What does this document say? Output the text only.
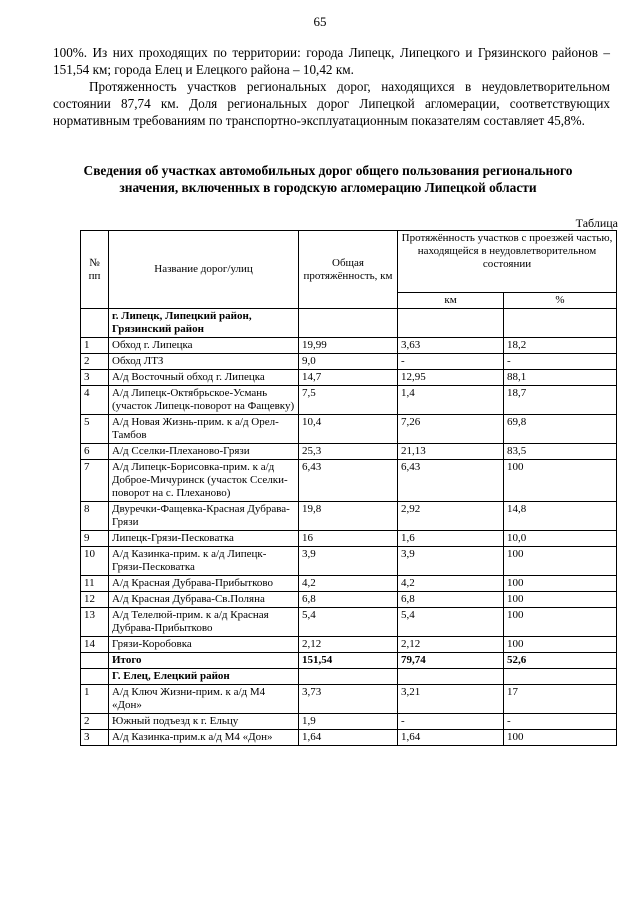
65

100%. Из них проходящих по территории: города Липецк, Липецкого и Грязинского районов – 151,54 км; города Елец и Елецкого района – 10,42 км.

Протяженность участков региональных дорог, находящихся в неудовлетворительном состоянии 87,74 км. Доля региональных дорог Липецкой агломерации, соответствующих нормативным требованиям по транспортно-эксплуатационным показателям составляет 45,8%.

Сведения об участках автомобильных дорог общего пользования регионального значения, включенных в городскую агломерацию Липецкой области
Таблица
№ пп	Название дорог/улиц	Общая протяжённость, км	Протяжённость участков с проезжей частью, находящейся в неудовлетворительном состоянии	
			км	%
	г. Липецк, Липецкий район, Грязинский район			
1	Обход г. Липецка	19,99	3,63	18,2
2	Обход ЛТЗ	9,0	-	-
3	А/д Восточный обход г. Липецка	14,7	12,95	88,1
4	А/д Липецк-Октябрьское-Усмань (участок Липецк-поворот на Фащевку)	7,5	1,4	18,7
5	А/д Новая Жизнь-прим. к а/д Орел-Тамбов	10,4	7,26	69,8
6	А/д Сселки-Плеханово-Грязи	25,3	21,13	83,5
7	А/д Липецк-Борисовка-прим. к а/д Доброе-Мичуринск (участок Сселки- поворот на с. Плеханово)	6,43	6,43	100
8	Двуречки-Фащевка-Красная Дубрава-Грязи	19,8	2,92	14,8
9	Липецк-Грязи-Песковатка	16	1,6	10,0
10	А/д Казинка-прим. к а/д Липецк-Грязи-Песковатка	3,9	3,9	100
11	А/д Красная Дубрава-Прибытково	4,2	4,2	100
12	А/д Красная Дубрава-Св.Поляна	6,8	6,8	100
13	А/д Телелюй-прим. к а/д Красная Дубрава-Прибытково	5,4	5,4	100
14	Грязи-Коробовка	2,12	2,12	100
	Итого	151,54	79,74	52,6
	Г. Елец, Елецкий район			
1	А/д Ключ Жизни-прим. к а/д М4 «Дон»	3,73	3,21	17
2	Южный подъезд к г. Ельцу	1,9	-	-
3	А/д Казинка-прим.к а/д М4 «Дон»	1,64	1,64	100
